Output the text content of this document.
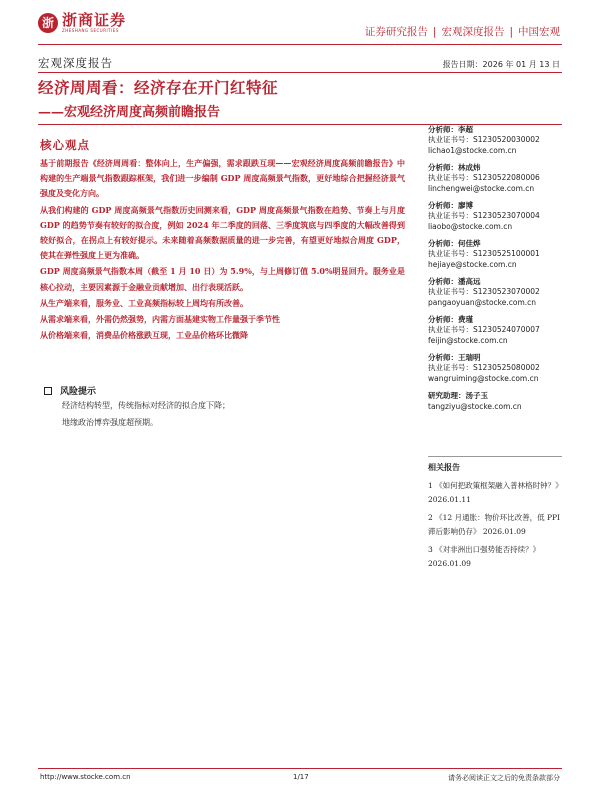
浙 浙商证券
ZHESHANG SECURITIES	证券研究报告 | 宏观深度报告 | 中国宏观
宏观深度报告	报告日期：2026 年 01 月 13 日
经济周周看：经济存在开门红特征
——宏观经济周度高频前瞻报告
核心观点

基于前期报告《经济周周看：整体向上，生产偏强，需求跟跌互现——宏观经济周度高频前瞻报告》中构建的生产端景气指数跟踪框架，我们进一步编制 GDP 周度高频景气指数，更好地综合把握经济景气强度及变化方向。

从我们构建的 GDP 周度高频景气指数历史回测来看，GDP 周度高频景气指数在趋势、节奏上与月度 GDP 的趋势节奏有较好的拟合度，例如 2024 年二季度的回落、三季度筑底与四季度的大幅改善得到较好拟合，在拐点上有较好提示。未来随着高频数据质量的进一步完善，有望更好地拟合周度 GDP，使其在弹性强度上更为准确。

GDP 周度高频景气指数本周（截至 1 月 10 日）为 5.9%，与上周修订值 5.0%明显回升。服务业是核心拉动，主要因素源于金融业贡献增加、出行表现活跃。

从生产端来看，服务业、工业高频指标较上周均有所改善。

从需求端来看，外需仍然强势，内需方面基建实物工作量强于季节性

从价格端来看，消费品价格涨跌互现，工业品价格环比微降

风险提示
经济结构转型，传统指标对经济的拟合度下降；
地缘政治博弈强度超预期。
分析师：李超
执业证书号：S1230520030002
lichao1@stocke.com.cn
分析师：林成炜
执业证书号：S1230522080006
linchengwei@stocke.com.cn
分析师：廖博
执业证书号：S1230523070004
liaobo@stocke.com.cn
分析师：何佳烨
执业证书号：S1230525100001
hejiaye@stocke.com.cn
分析师：潘高远
执业证书号：S1230523070002
pangaoyuan@stocke.com.cn
分析师：费瑾
执业证书号：S1230524070007
feijin@stocke.com.cn
分析师：王瑞明
执业证书号：S1230525080002
wangruiming@stocke.com.cn
研究助理：汤子玉
tangziyu@stocke.com.cn
相关报告
1 《如何把政策框架融入普林格时钟？》 2026.01.11
2 《12 月通胀：物价环比改善，低 PPI 滞后影响仍存》 2026.01.09
3 《对非洲出口强势能否持续？》 2026.01.09
http://www.stocke.com.cn	1/17	请务必阅读正文之后的免责条款部分
